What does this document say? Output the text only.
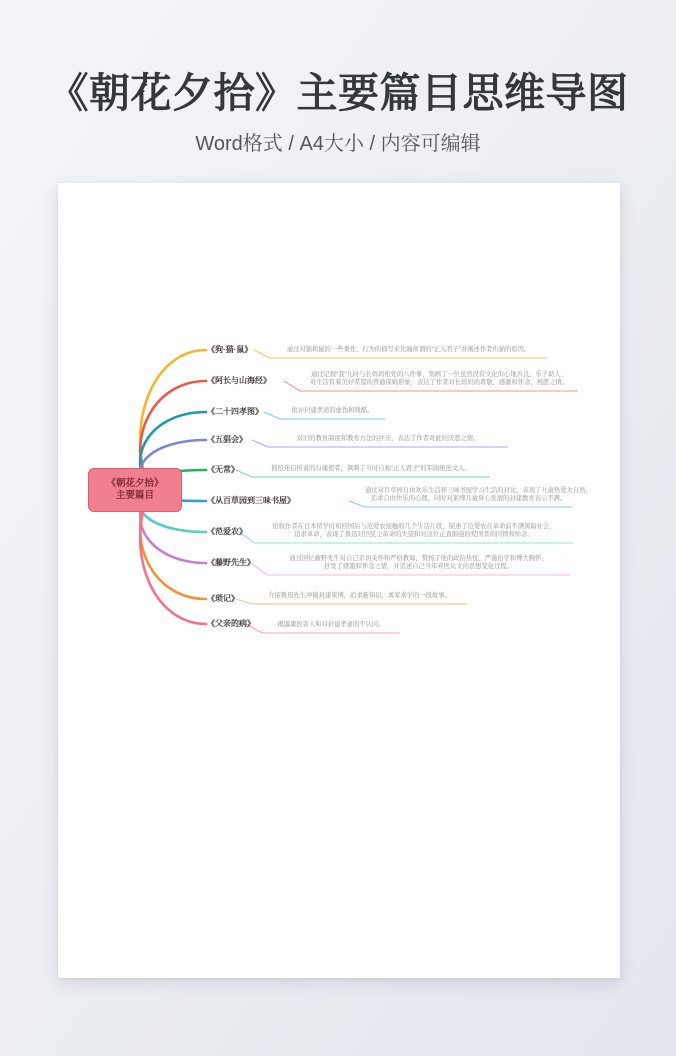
《朝花夕拾》主要篇目思维导图
Word格式 / A4大小 / 内容可编辑
《朝花夕拾》
主要篇目
《狗·猫·鼠》	通过对猫和鼠的一些秉性、行为的描写来比喻所谓的“正人君子”并阐述作者仇猫的原因。
《阿长与山海经》
通过记叙“我”儿时与长妈妈相处的八件事，刻画了一位虽然没有文化但心地善良、乐于助人、
对生活有着美好希望的普通保姆形象，表达了作者对长妈妈的尊敬、感激和怀念、祝愿之情。
《二十四孝图》	批评封建孝道的虚伪和残酷。
《五猖会》	对旧的教育制度和教育方法的抨击，表达了作者对此的厌恶之情。
《无常》	描绘迷信传说的勾魂使者，讽刺了当时自称“正人君子”的军阀统治文人。
《从百草园到三味书屋》
通过对百草园自由欢乐生活和三味书屋学习生活的对比，表现了儿童热爱大自然、
追求自由快乐的心理，同时对束缚儿童身心发展的封建教育表示不满。
《范爱农》
追叙作者在日本留学时和回国后与范爱农接触的几个生活片段，描述了范爱农在革命前不满黑暗社会、
追求革命，表现了鲁迅对旧民主革命的失望和对这位正直倔强的爱国者的同情和悼念。
《藤野先生》	通过回忆藤野先生对自己亲切关怀和严格教诲，赞扬了他的政治热忱、严谨治学和博大胸怀，
抒发了感激和怀念之情，并追述自己当年弃医从文的思想变化过程。
《琐记》	介绍鲁迅先生冲破封建束缚，追求新知识，离家求学的一段故事。
《父亲的病》	揭露庸医害人和对封建孝道的不认同。
